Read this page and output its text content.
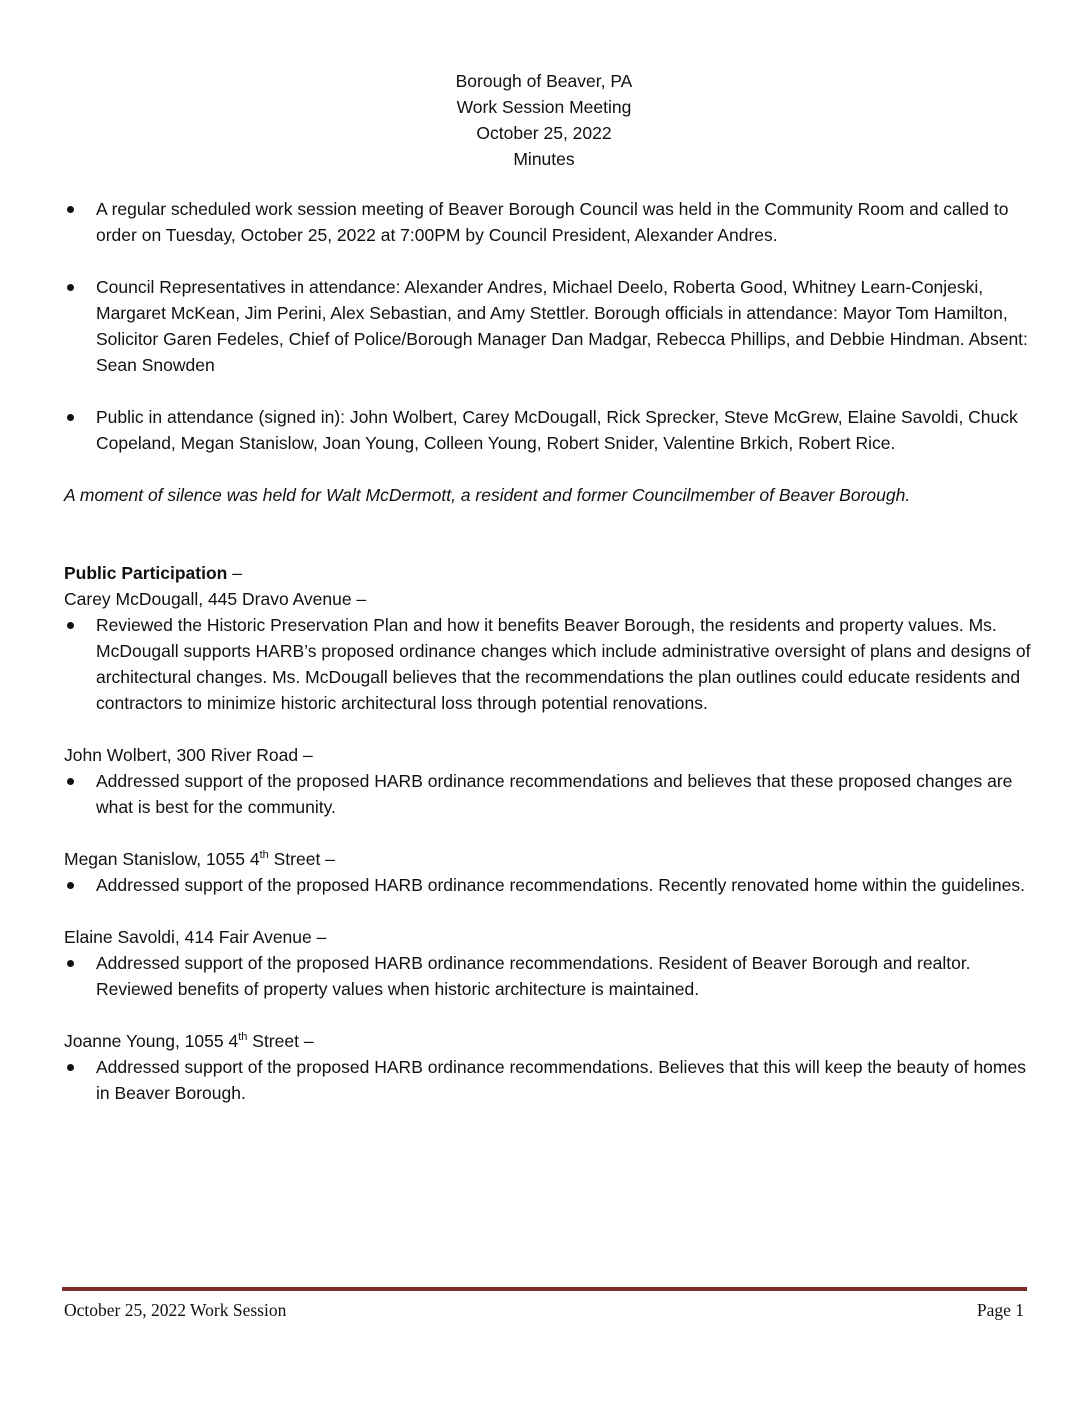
Borough of Beaver, PA
Work Session Meeting
October 25, 2022
Minutes
A regular scheduled work session meeting of Beaver Borough Council was held in the Community Room and called to order on Tuesday, October 25, 2022 at 7:00PM by Council President, Alexander Andres.
Council Representatives in attendance: Alexander Andres, Michael Deelo, Roberta Good, Whitney Learn-Conjeski, Margaret McKean, Jim Perini, Alex Sebastian, and Amy Stettler. Borough officials in attendance: Mayor Tom Hamilton, Solicitor Garen Fedeles, Chief of Police/Borough Manager Dan Madgar, Rebecca Phillips, and Debbie Hindman. Absent: Sean Snowden
Public in attendance (signed in): John Wolbert, Carey McDougall, Rick Sprecker, Steve McGrew, Elaine Savoldi, Chuck Copeland, Megan Stanislow, Joan Young, Colleen Young, Robert Snider, Valentine Brkich, Robert Rice.
A moment of silence was held for Walt McDermott, a resident and former Councilmember of Beaver Borough.
Public Participation –
Carey McDougall, 445 Dravo Avenue –
Reviewed the Historic Preservation Plan and how it benefits Beaver Borough, the residents and property values. Ms. McDougall supports HARB’s proposed ordinance changes which include administrative oversight of plans and designs of architectural changes. Ms. McDougall believes that the recommendations the plan outlines could educate residents and contractors to minimize historic architectural loss through potential renovations.
John Wolbert, 300 River Road –
Addressed support of the proposed HARB ordinance recommendations and believes that these proposed changes are what is best for the community.
Megan Stanislow, 1055 4th Street –
Addressed support of the proposed HARB ordinance recommendations. Recently renovated home within the guidelines.
Elaine Savoldi, 414 Fair Avenue –
Addressed support of the proposed HARB ordinance recommendations. Resident of Beaver Borough and realtor. Reviewed benefits of property values when historic architecture is maintained.
Joanne Young, 1055 4th Street –
Addressed support of the proposed HARB ordinance recommendations. Believes that this will keep the beauty of homes in Beaver Borough.
October 25, 2022 Work Session	Page 1
